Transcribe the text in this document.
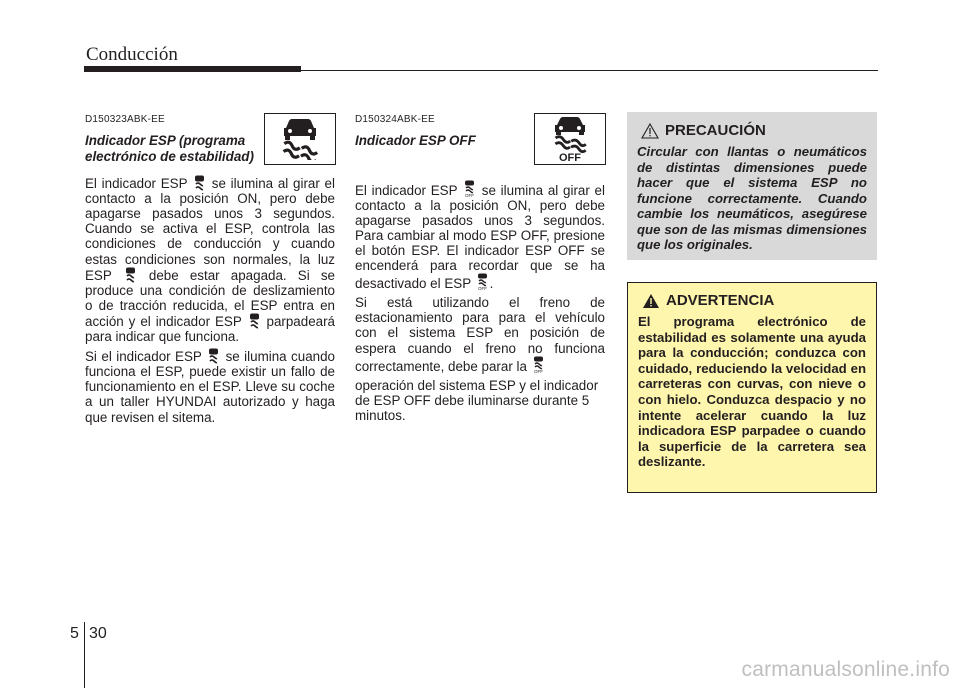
Conducción
D150323ABK-EE
Indicador ESP (programa electrónico de estabilidad)

El indicador ESP se ilumina al girar el contacto a la posición ON, pero debe apagarse pasados unos 3 segundos. Cuando se activa el ESP, controla las condiciones de conducción y cuando estas condiciones son normales, la luz ESP	debe estar apagada. Si se produce una condición de deslizamiento o de tracción reducida, el ESP entra en acción y el indicador ESP parpadeará para indicar que funciona.

Si el indicador ESP se ilumina cuando funciona el ESP, puede existir un fallo de funcionamiento en el ESP. Lleve su coche a un taller HYUNDAI autorizado y haga que revisen el sitema.

D150324ABK-EE
Indicador ESP OFF

El indicador ESP OFF se ilumina al girar el contacto a la posición ON, pero debe apagarse pasados unos 3 segundos. Para cambiar al modo ESP OFF, presione el botón ESP. El indicador ESP OFF se encenderá para recordar que se ha desactivado el ESP OFF .

Si está utilizando el freno de estacionamiento para para el vehículo con el sistema ESP en posición de espera cuando el freno no funciona correctamente, debe parar la OFF

operación del sistema ESP y el indicador de ESP OFF debe iluminarse durante 5 minutos.

OFF
PRECAUCIÓN
Circular con llantas o neumáticos de distintas dimensiones puede hacer que el sistema ESP no funcione correctamente. Cuando cambie los neumáticos, asegúrese que son de las mismas dimensiones que los originales.
ADVERTENCIA
El programa electrónico de estabilidad es solamente una ayuda para la conducción; conduzca con cuidado, reduciendo la velocidad en carreteras con curvas, con nieve o con hielo. Conduzca despacio y no intente acelerar cuando la luz indicadora ESP parpadee o cuando la superficie de la carretera sea deslizante.
5 30
carmanualsonline.info
